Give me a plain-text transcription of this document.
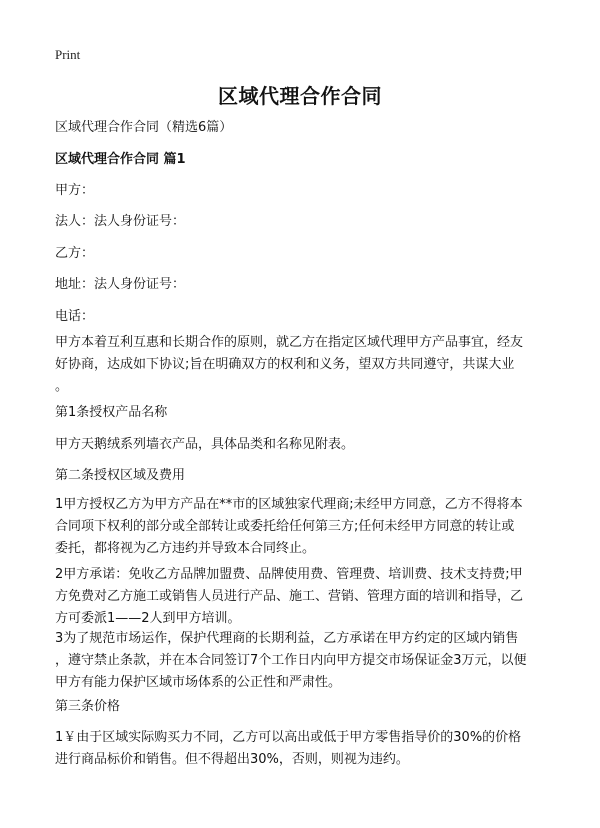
Print
区域代理合作合同
区域代理合作合同（精选6篇）
区域代理合作合同 篇1
甲方：
法人：法人身份证号：
乙方：
地址：法人身份证号：
电话：
甲方本着互利互惠和长期合作的原则，就乙方在指定区域代理甲方产品事宜，经友
好协商，达成如下协议;旨在明确双方的权利和义务，望双方共同遵守，共谋大业
。
第1条授权产品名称
甲方天鹅绒系列墙衣产品，具体品类和名称见附表。
第二条授权区域及费用
1甲方授权乙方为甲方产品在**市的区域独家代理商;未经甲方同意，乙方不得将本
合同项下权利的部分或全部转让或委托给任何第三方;任何未经甲方同意的转让或
委托，都将视为乙方违约并导致本合同终止。
2甲方承诺：免收乙方品牌加盟费、品牌使用费、管理费、培训费、技术支持费;甲
方免费对乙方施工或销售人员进行产品、施工、营销、管理方面的培训和指导，乙
方可委派1——2人到甲方培训。
3为了规范市场运作，保护代理商的长期利益，乙方承诺在甲方约定的区域内销售
，遵守禁止条款，并在本合同签订7个工作日内向甲方提交市场保证金3万元，以便
甲方有能力保护区域市场体系的公正性和严肃性。
第三条价格
1￥由于区域实际购买力不同，乙方可以高出或低于甲方零售指导价的30%的价格
进行商品标价和销售。但不得超出30%，否则，则视为违约。
